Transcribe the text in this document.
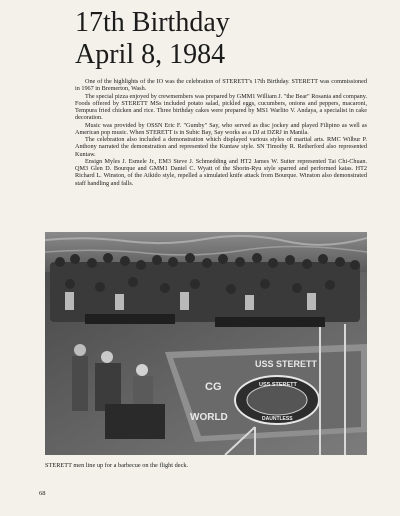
17th Birthday
April 8, 1984

One of the highlights of the IO was the celebration of STERETT's 17th Birthday. STERETT was commissioned in 1967 in Bremerton, Wash.

The special pizza enjoyed by crewmembers was prepared by GMM1 William J. "the Bear" Rosania and company. Foods offered by STERETT MSs included potato salad, pickled eggs, cucumbers, onions and peppers, macaroni, Tempura fried chicken and rice. Three birthday cakes were prepared by MS1 Warlito V. Andaya, a specialist in cake decoration.

Music was provided by OSSN Eric F. "Gumby" Say, who served as disc jockey and played Filipino as well as American pop music. When STERETT is in Subic Bay, Say works as a DJ at DZRJ in Manila.

The celebration also included a demonstration which displayed various styles of martial arts. RMC Wilbur P. Anthony narrated the demonstration and represented the Kuntaw style. SN Timothy R. Retherford also represented Kuntaw.

Ensign Myles J. Esmele Jr., EM3 Steve J. Schmedding and HT2 James W. Suiter represented Tai Chi-Chuan. QM3 Glen D. Bourque and GMM1 Daniel C. Wyatt of the Shorin-Ryu style sparred and performed katas. HT2 Richard L. Winston, of the Aikido style, repelled a simulated knife attack from Bourque. Winston also demonstrated staff handling and falls.

USS STERETT
CG
WORLD
USS STERETT
DAUNTLESS
STERETT men line up for a barbecue on the flight deck.
68
